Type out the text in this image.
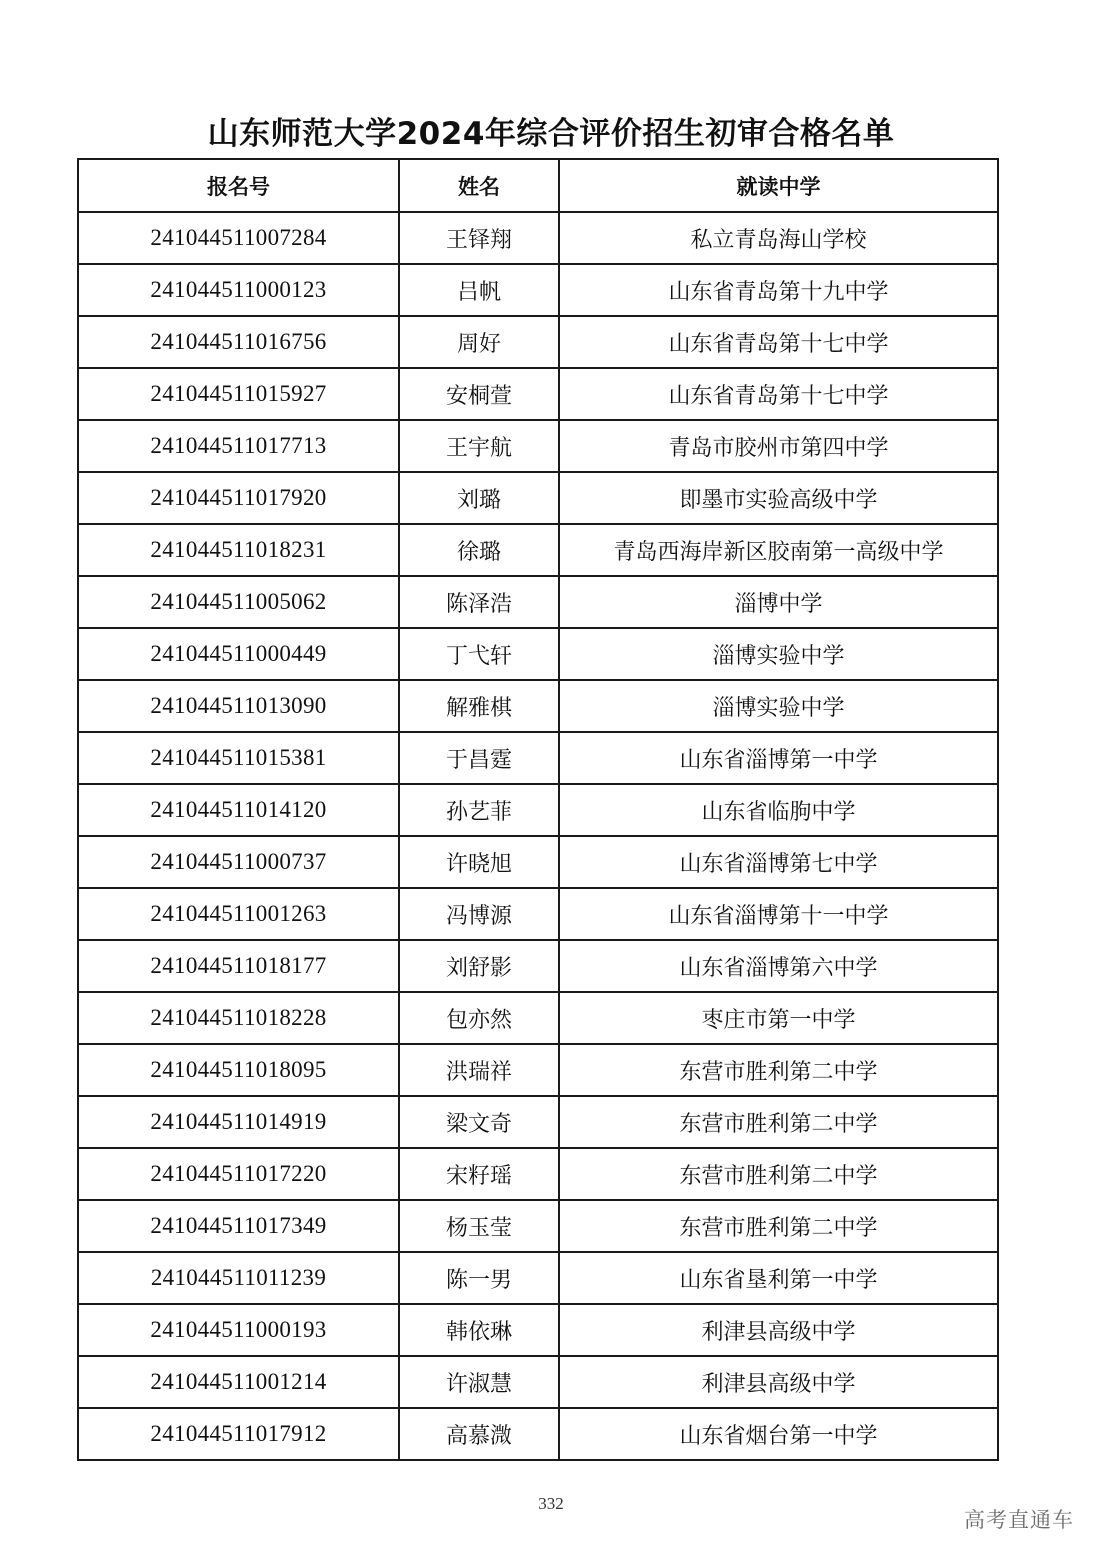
山东师范大学2024年综合评价招生初审合格名单
报名号	姓名	就读中学
241044511007284	王铎翔	私立青岛海山学校
241044511000123	吕帆	山东省青岛第十九中学
241044511016756	周好	山东省青岛第十七中学
241044511015927	安桐萱	山东省青岛第十七中学
241044511017713	王宇航	青岛市胶州市第四中学
241044511017920	刘璐	即墨市实验高级中学
241044511018231	徐璐	青岛西海岸新区胶南第一高级中学
241044511005062	陈泽浩	淄博中学
241044511000449	丁弋轩	淄博实验中学
241044511013090	解雅棋	淄博实验中学
241044511015381	于昌霆	山东省淄博第一中学
241044511014120	孙艺菲	山东省临朐中学
241044511000737	许晓旭	山东省淄博第七中学
241044511001263	冯博源	山东省淄博第十一中学
241044511018177	刘舒影	山东省淄博第六中学
241044511018228	包亦然	枣庄市第一中学
241044511018095	洪瑞祥	东营市胜利第二中学
241044511014919	梁文奇	东营市胜利第二中学
241044511017220	宋籽瑶	东营市胜利第二中学
241044511017349	杨玉莹	东营市胜利第二中学
241044511011239	陈一男	山东省垦利第一中学
241044511000193	韩依琳	利津县高级中学
241044511001214	许淑慧	利津县高级中学
241044511017912	高慕溦	山东省烟台第一中学
332
高考直通车
